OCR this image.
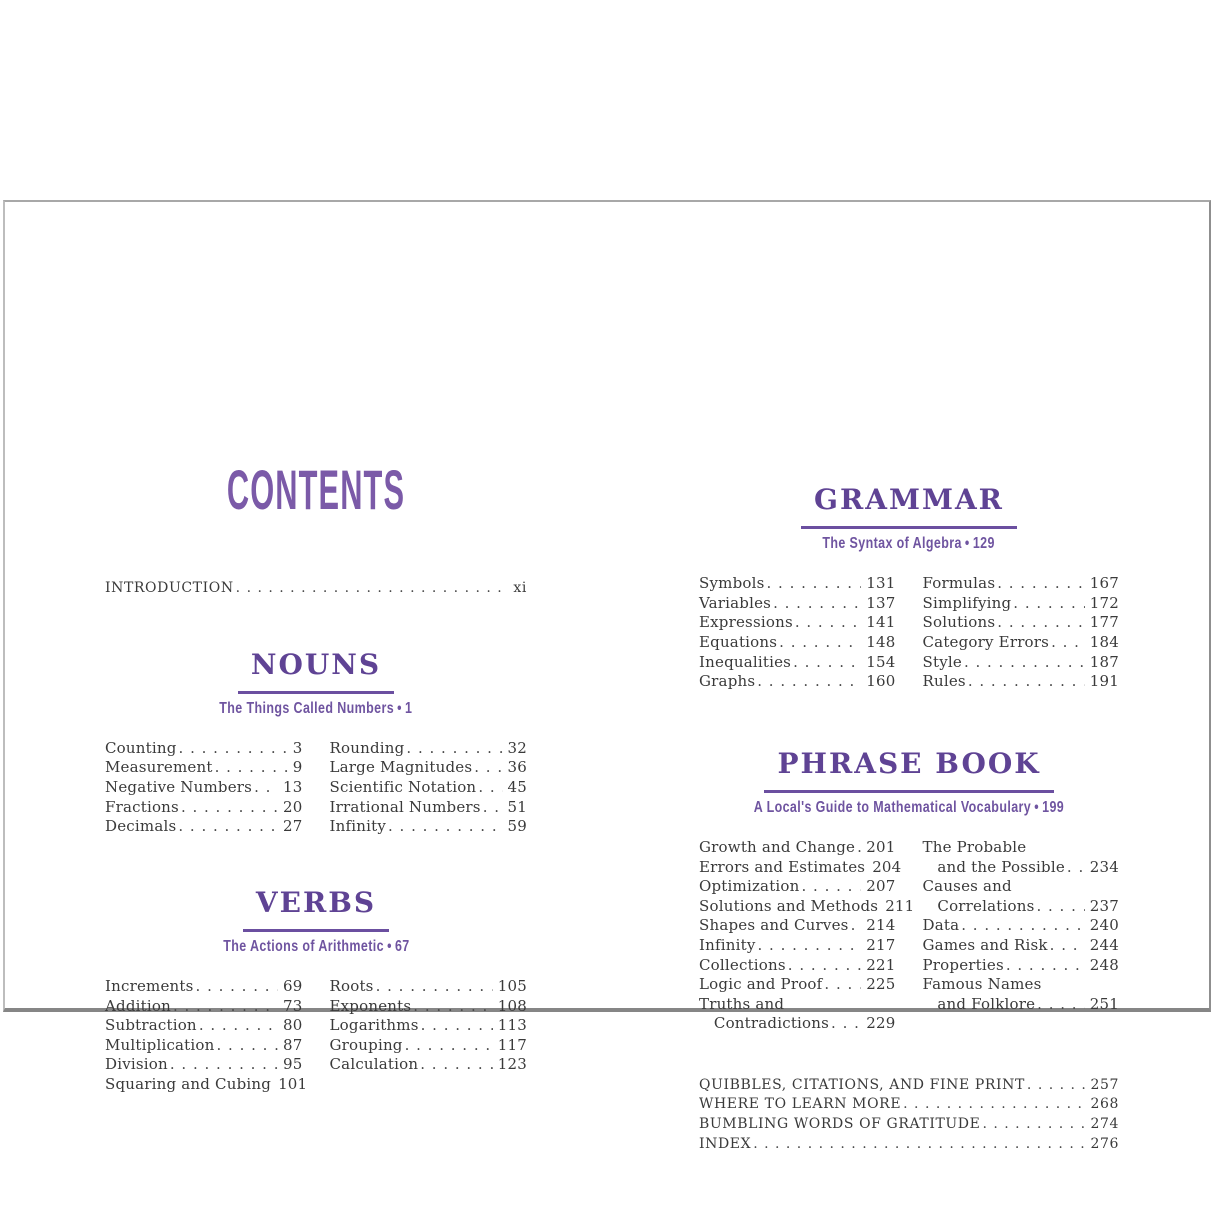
CONTENTS
INTRODUCTION . . .	xi
NOUNS
The Things Called Numbers • 1
Counting . . .	3
Measurement . . .	9
Negative Numbers . . . 13
Fractions . . .	20
Decimals . . .	27
Rounding . . .	32
Large Magnitudes . . . 36
Scientific Notation . . . 45
Irrational Numbers . . . 51
Infinity . . .	59
VERBS
The Actions of Arithmetic • 67
Increments . . .	69
Addition . . .	73
Subtraction . . .	80
Multiplication . . .	87
Division . . .	95
Squaring and Cubing 101
Roots . . .	105
Exponents . . .	108
Logarithms . . .	113
Grouping . . .	117
Calculation . . .	123
GRAMMAR
The Syntax of Algebra • 129
Symbols . . .	131
Variables . . .	137
Expressions . . .	141
Equations . . .	148
Inequalities . . .	154
Graphs . . .	160
Formulas . . .	167
Simplifying . . .	172
Solutions . . .	177
Category Errors . . .	184
Style . . .	187
Rules . . .	191
PHRASE BOOK
A Local's Guide to Mathematical Vocabulary • 199
Growth and Change . . . 201
Errors and Estimates 204
Optimization . . .	207
Solutions and Methods 211
Shapes and Curves . . . 214
Infinity . . .	217
Collections . . .	221
Logic and Proof . . .	225
Truths and
Contradictions . . . 229
The Probable
and the Possible . . . 234
Causes and
Correlations . . .	237
Data . . .	240
Games and Risk . . .	244
Properties . . .	248
Famous Names
and Folklore . . .	251
QUIBBLES, CITATIONS, AND FINE PRINT . . .	257
WHERE TO LEARN MORE . . .	268
BUMBLING WORDS OF GRATITUDE . . .	274
INDEX . . .	276
